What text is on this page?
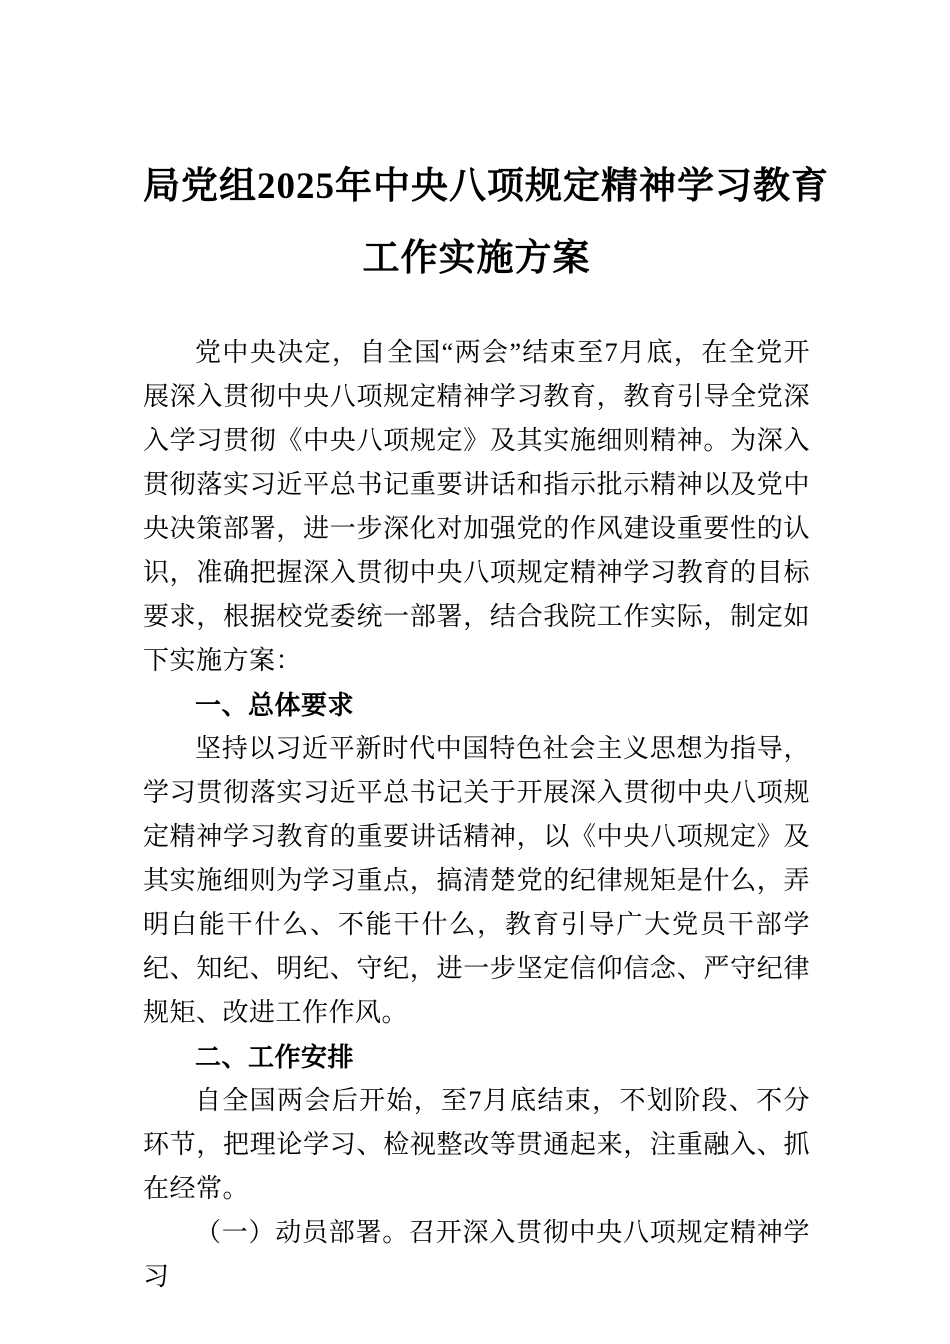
局党组2025年中央八项规定精神学习教育
工作实施方案

党中央决定，自全国“两会”结束至7月底，在全党开展深入贯彻中央八项规定精神学习教育，教育引导全党深入学习贯彻《中央八项规定》及其实施细则精神。为深入贯彻落实习近平总书记重要讲话和指示批示精神以及党中央决策部署，进一步深化对加强党的作风建设重要性的认识，准确把握深入贯彻中央八项规定精神学习教育的目标要求，根据校党委统一部署，结合我院工作实际，制定如下实施方案：

一、总体要求

坚持以习近平新时代中国特色社会主义思想为指导，学习贯彻落实习近平总书记关于开展深入贯彻中央八项规定精神学习教育的重要讲话精神，以《中央八项规定》及其实施细则为学习重点，搞清楚党的纪律规矩是什么，弄明白能干什么、不能干什么，教育引导广大党员干部学纪、知纪、明纪、守纪，进一步坚定信仰信念、严守纪律规矩、改进工作作风。

二、工作安排

自全国两会后开始，至7月底结束，不划阶段、不分环节，把理论学习、检视整改等贯通起来，注重融入、抓在经常。

（一）动员部署。召开深入贯彻中央八项规定精神学习
